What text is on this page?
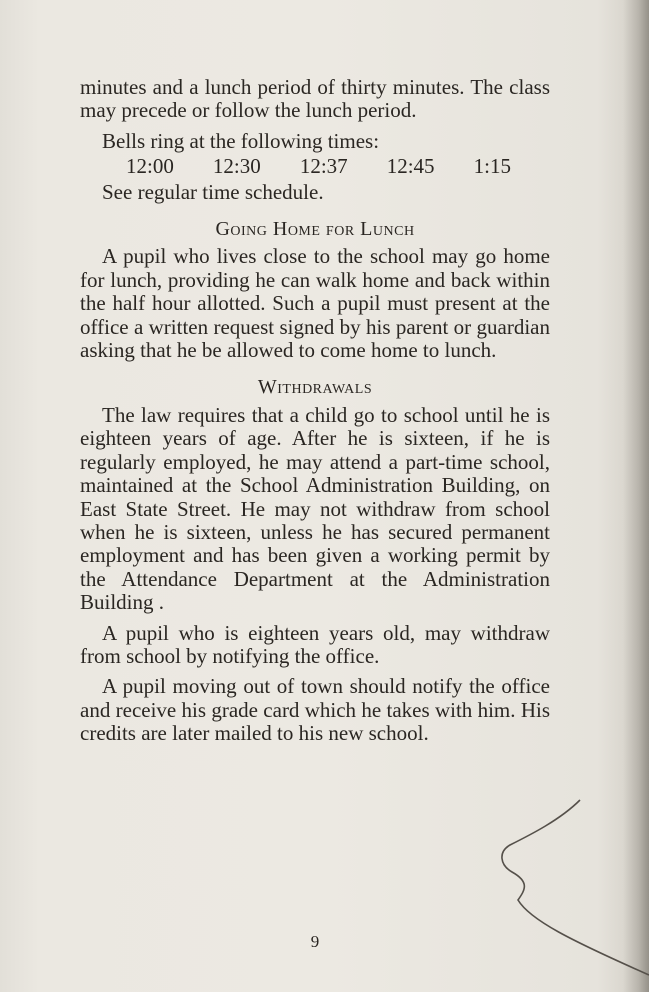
minutes and a lunch period of thirty minutes. The class may precede or follow the lunch period.

Bells ring at the following times:

12:00 12:30 12:37 12:45 1:15

See regular time schedule.

Going Home for Lunch

A pupil who lives close to the school may go home for lunch, providing he can walk home and back within the half hour allotted. Such a pupil must present at the office a written request signed by his parent or guardian asking that he be allowed to come home to lunch.

Withdrawals

The law requires that a child go to school until he is eighteen years of age. After he is sixteen, if he is regularly employed, he may attend a part-time school, maintained at the School Administration Building, on East State Street. He may not withdraw from school when he is sixteen, unless he has secured permanent employment and has been given a working permit by the Attendance Department at the Administration Building .

A pupil who is eighteen years old, may withdraw from school by notifying the office.

A pupil moving out of town should notify the office and receive his grade card which he takes with him. His credits are later mailed to his new school.

9
